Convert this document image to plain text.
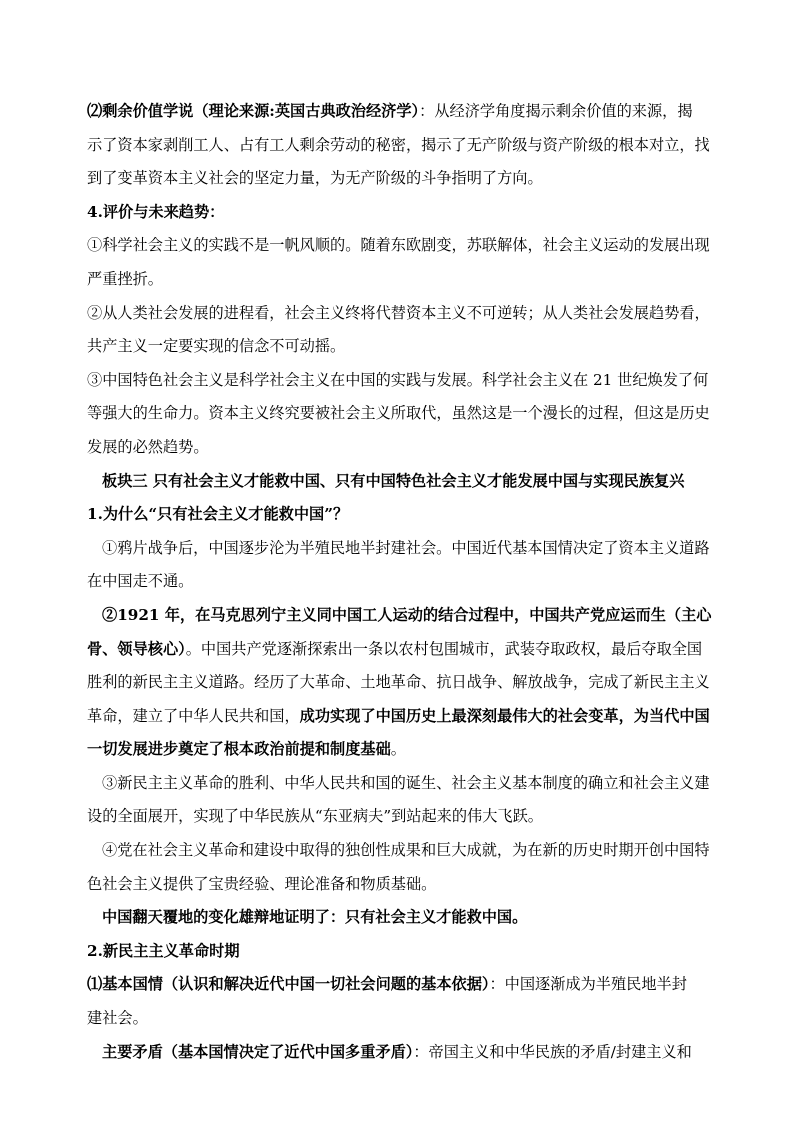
⑵剩余价值学说（理论来源:英国古典政治经济学）：从经济学角度揭示剩余价值的来源，揭

示了资本家剥削工人、占有工人剩余劳动的秘密，揭示了无产阶级与资产阶级的根本对立，找

到了变革资本主义社会的坚定力量，为无产阶级的斗争指明了方向。

4.评价与未来趋势：

①科学社会主义的实践不是一帆风顺的。随着东欧剧变，苏联解体，社会主义运动的发展出现

严重挫折。

②从人类社会发展的进程看，社会主义终将代替资本主义不可逆转；从人类社会发展趋势看，

共产主义一定要实现的信念不可动摇。

③中国特色社会主义是科学社会主义在中国的实践与发展。科学社会主义在 21 世纪焕发了何

等强大的生命力。资本主义终究要被社会主义所取代，虽然这是一个漫长的过程，但这是历史

发展的必然趋势。

板块三 只有社会主义才能救中国、只有中国特色社会主义才能发展中国与实现民族复兴

1.为什么“只有社会主义才能救中国”？

①鸦片战争后，中国逐步沦为半殖民地半封建社会。中国近代基本国情决定了资本主义道路

在中国走不通。

②1921 年，在马克思列宁主义同中国工人运动的结合过程中，中国共产党应运而生（主心

骨、领导核心）。中国共产党逐渐探索出一条以农村包围城市，武装夺取政权，最后夺取全国

胜利的新民主主义道路。经历了大革命、土地革命、抗日战争、解放战争，完成了新民主主义

革命，建立了中华人民共和国，成功实现了中国历史上最深刻最伟大的社会变革，为当代中国

一切发展进步奠定了根本政治前提和制度基础。

③新民主主义革命的胜利、中华人民共和国的诞生、社会主义基本制度的确立和社会主义建

设的全面展开，实现了中华民族从“东亚病夫”到站起来的伟大飞跃。

④党在社会主义革命和建设中取得的独创性成果和巨大成就，为在新的历史时期开创中国特

色社会主义提供了宝贵经验、理论准备和物质基础。

中国翻天覆地的变化雄辩地证明了：只有社会主义才能救中国。

2.新民主主义革命时期

⑴基本国情（认识和解决近代中国一切社会问题的基本依据）：中国逐渐成为半殖民地半封

建社会。

主要矛盾（基本国情决定了近代中国多重矛盾）：帝国主义和中华民族的矛盾/封建主义和
